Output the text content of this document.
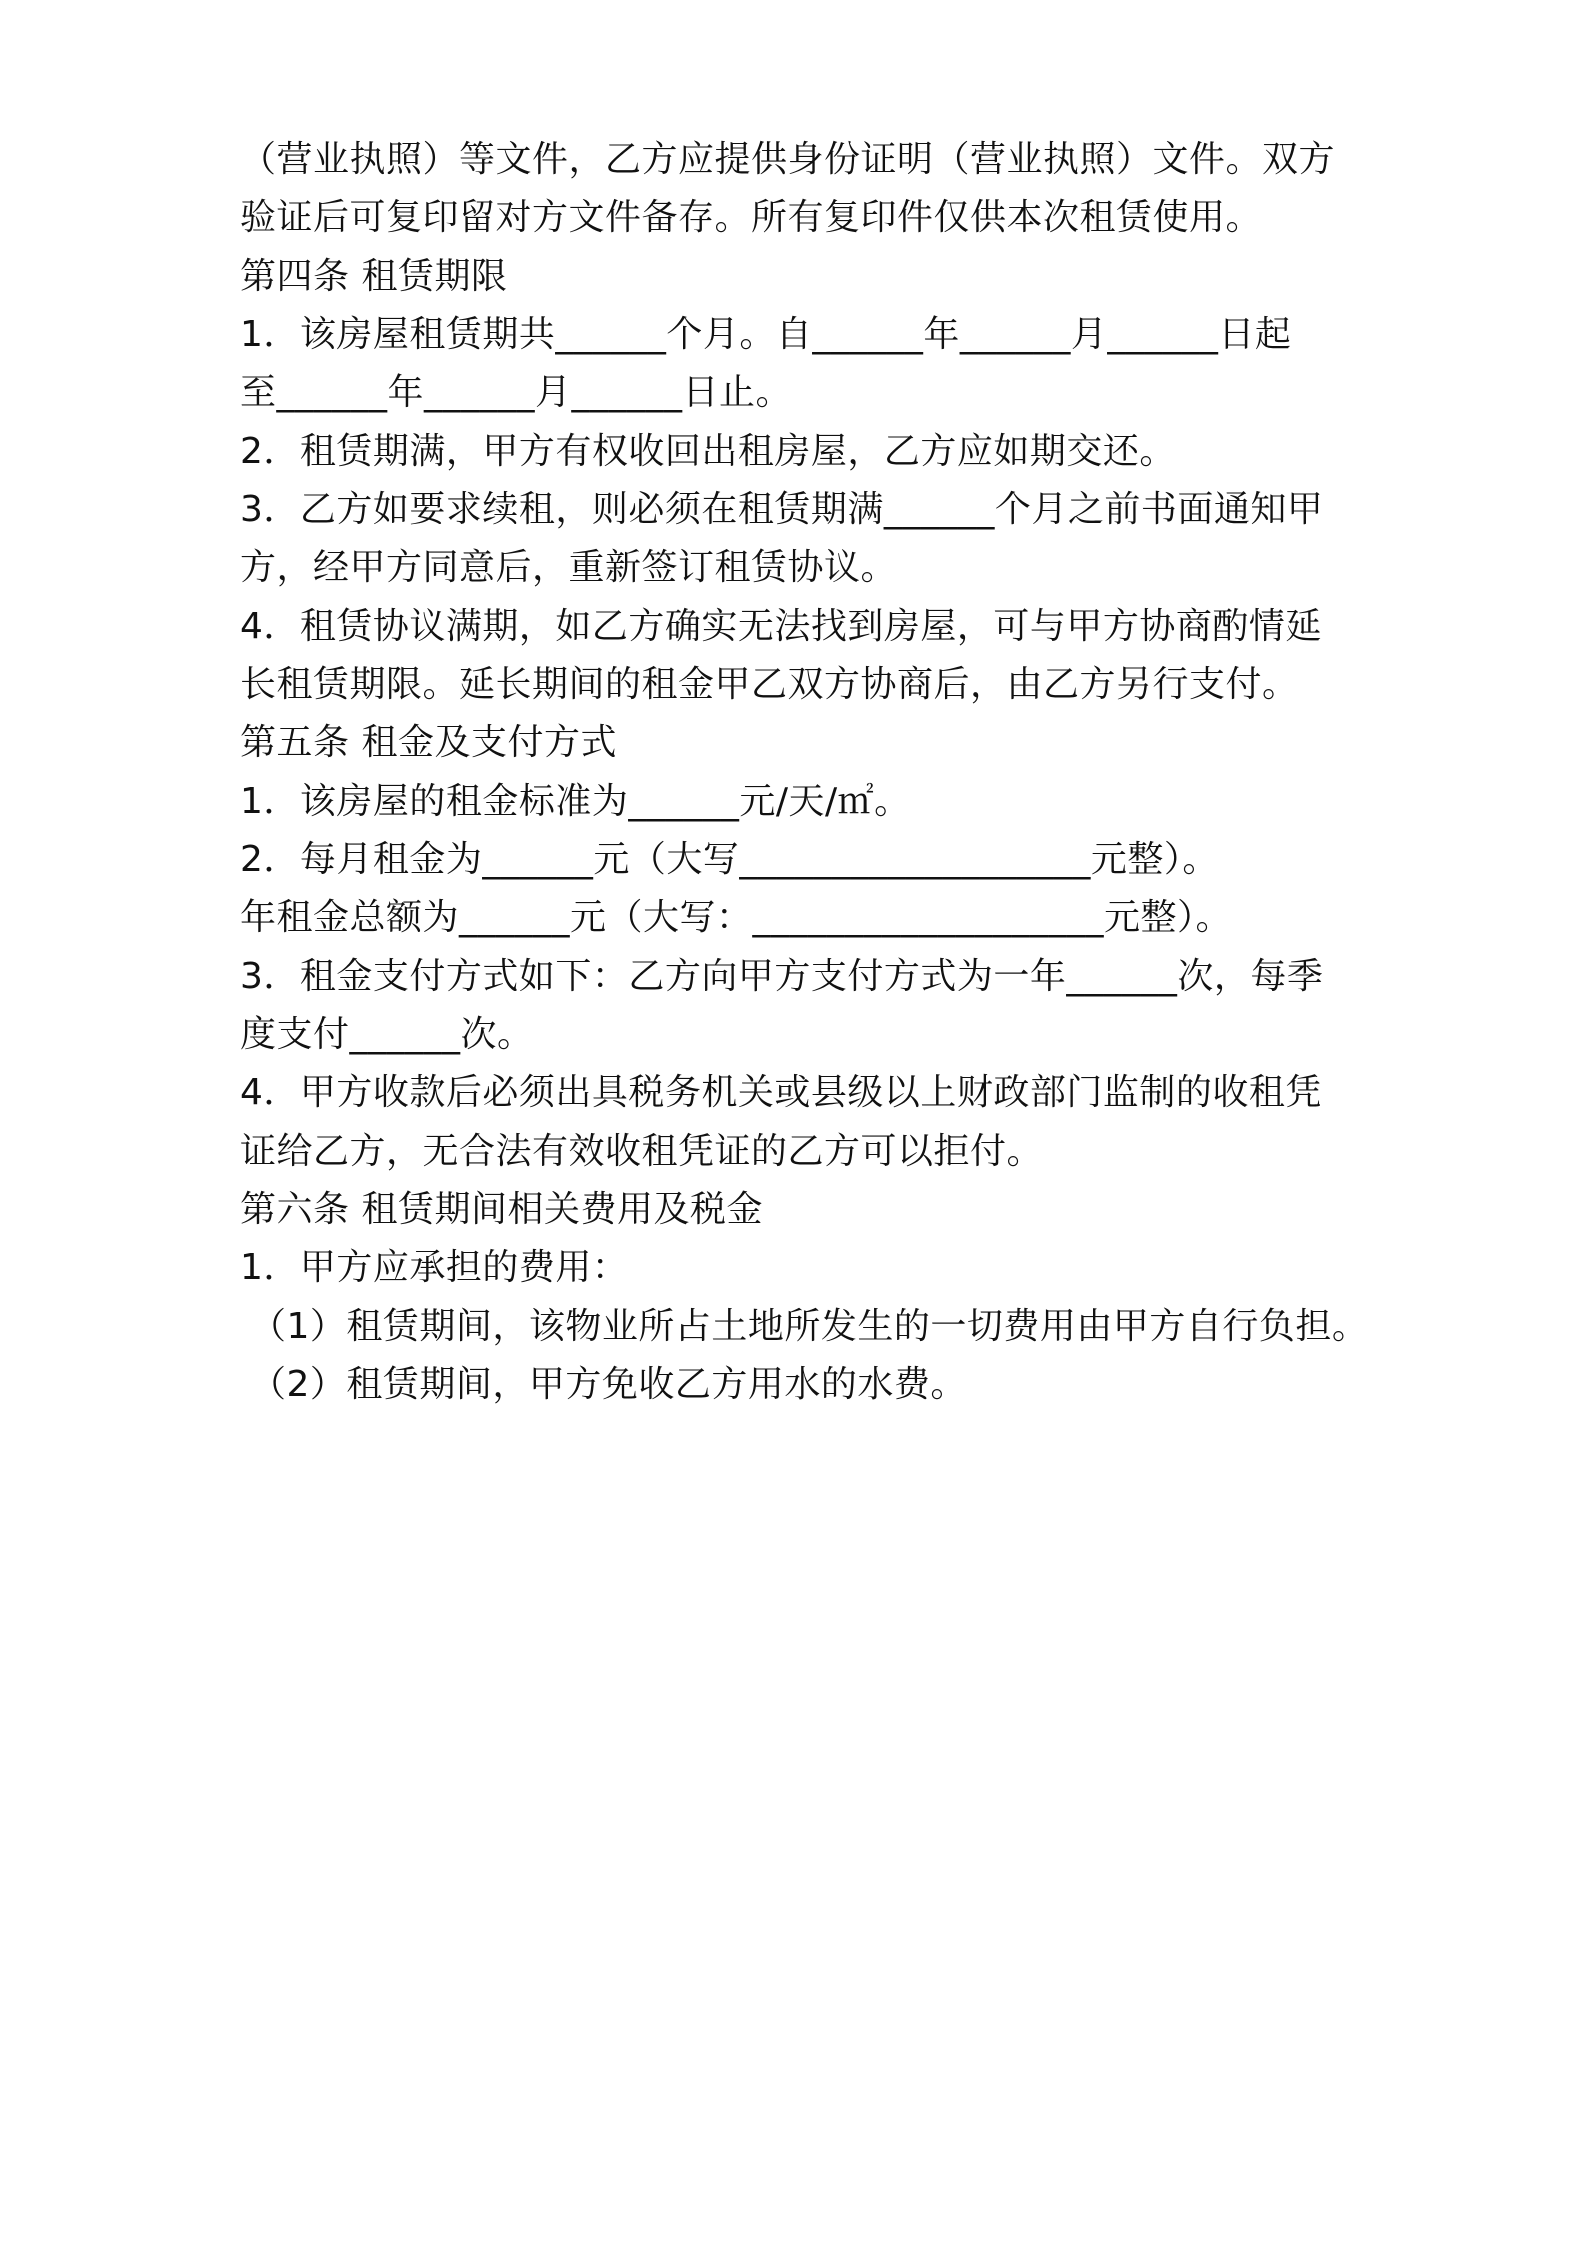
（营业执照）等文件，乙方应提供身份证明（营业执照）文件。双方
验证后可复印留对方文件备存。所有复印件仅供本次租赁使用。
第四条 租赁期限
1．该房屋租赁期共______个月。自______年______月______日起
至______年______月______日止。
2．租赁期满，甲方有权收回出租房屋，乙方应如期交还。
3．乙方如要求续租，则必须在租赁期满______个月之前书面通知甲
方，经甲方同意后，重新签订租赁协议。
4．租赁协议满期，如乙方确实无法找到房屋，可与甲方协商酌情延
长租赁期限。延长期间的租金甲乙双方协商后，由乙方另行支付。
第五条 租金及支付方式
1．该房屋的租金标准为______元/天/㎡。
2．每月租金为______元（大写___________________元整）。
年租金总额为______元（大写：___________________元整）。
3．租金支付方式如下：乙方向甲方支付方式为一年______次，每季
度支付______次。
4．甲方收款后必须出具税务机关或县级以上财政部门监制的收租凭
证给乙方，无合法有效收租凭证的乙方可以拒付。
第六条 租赁期间相关费用及税金
1．甲方应承担的费用：
（1）租赁期间，该物业所占土地所发生的一切费用由甲方自行负担。
（2）租赁期间，甲方免收乙方用水的水费。
